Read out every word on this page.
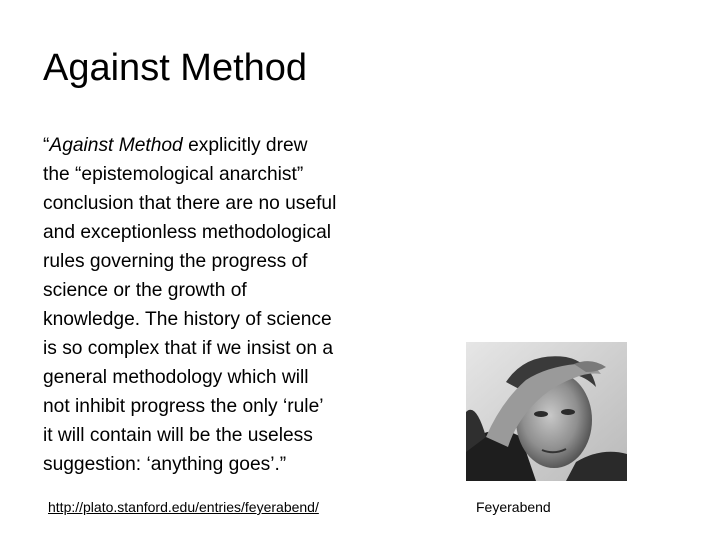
Against Method

“Against Method explicitly drew

the “epistemological anarchist”

conclusion that there are no useful

and exceptionless methodological

rules governing the progress of

science or the growth of

knowledge. The history of science

is so complex that if we insist on a

general methodology which will

not inhibit progress the only ‘rule’

it will contain will be the useless

suggestion: ‘anything goes’.”

http://plato.stanford.edu/entries/feyerabend/	Feyerabend
